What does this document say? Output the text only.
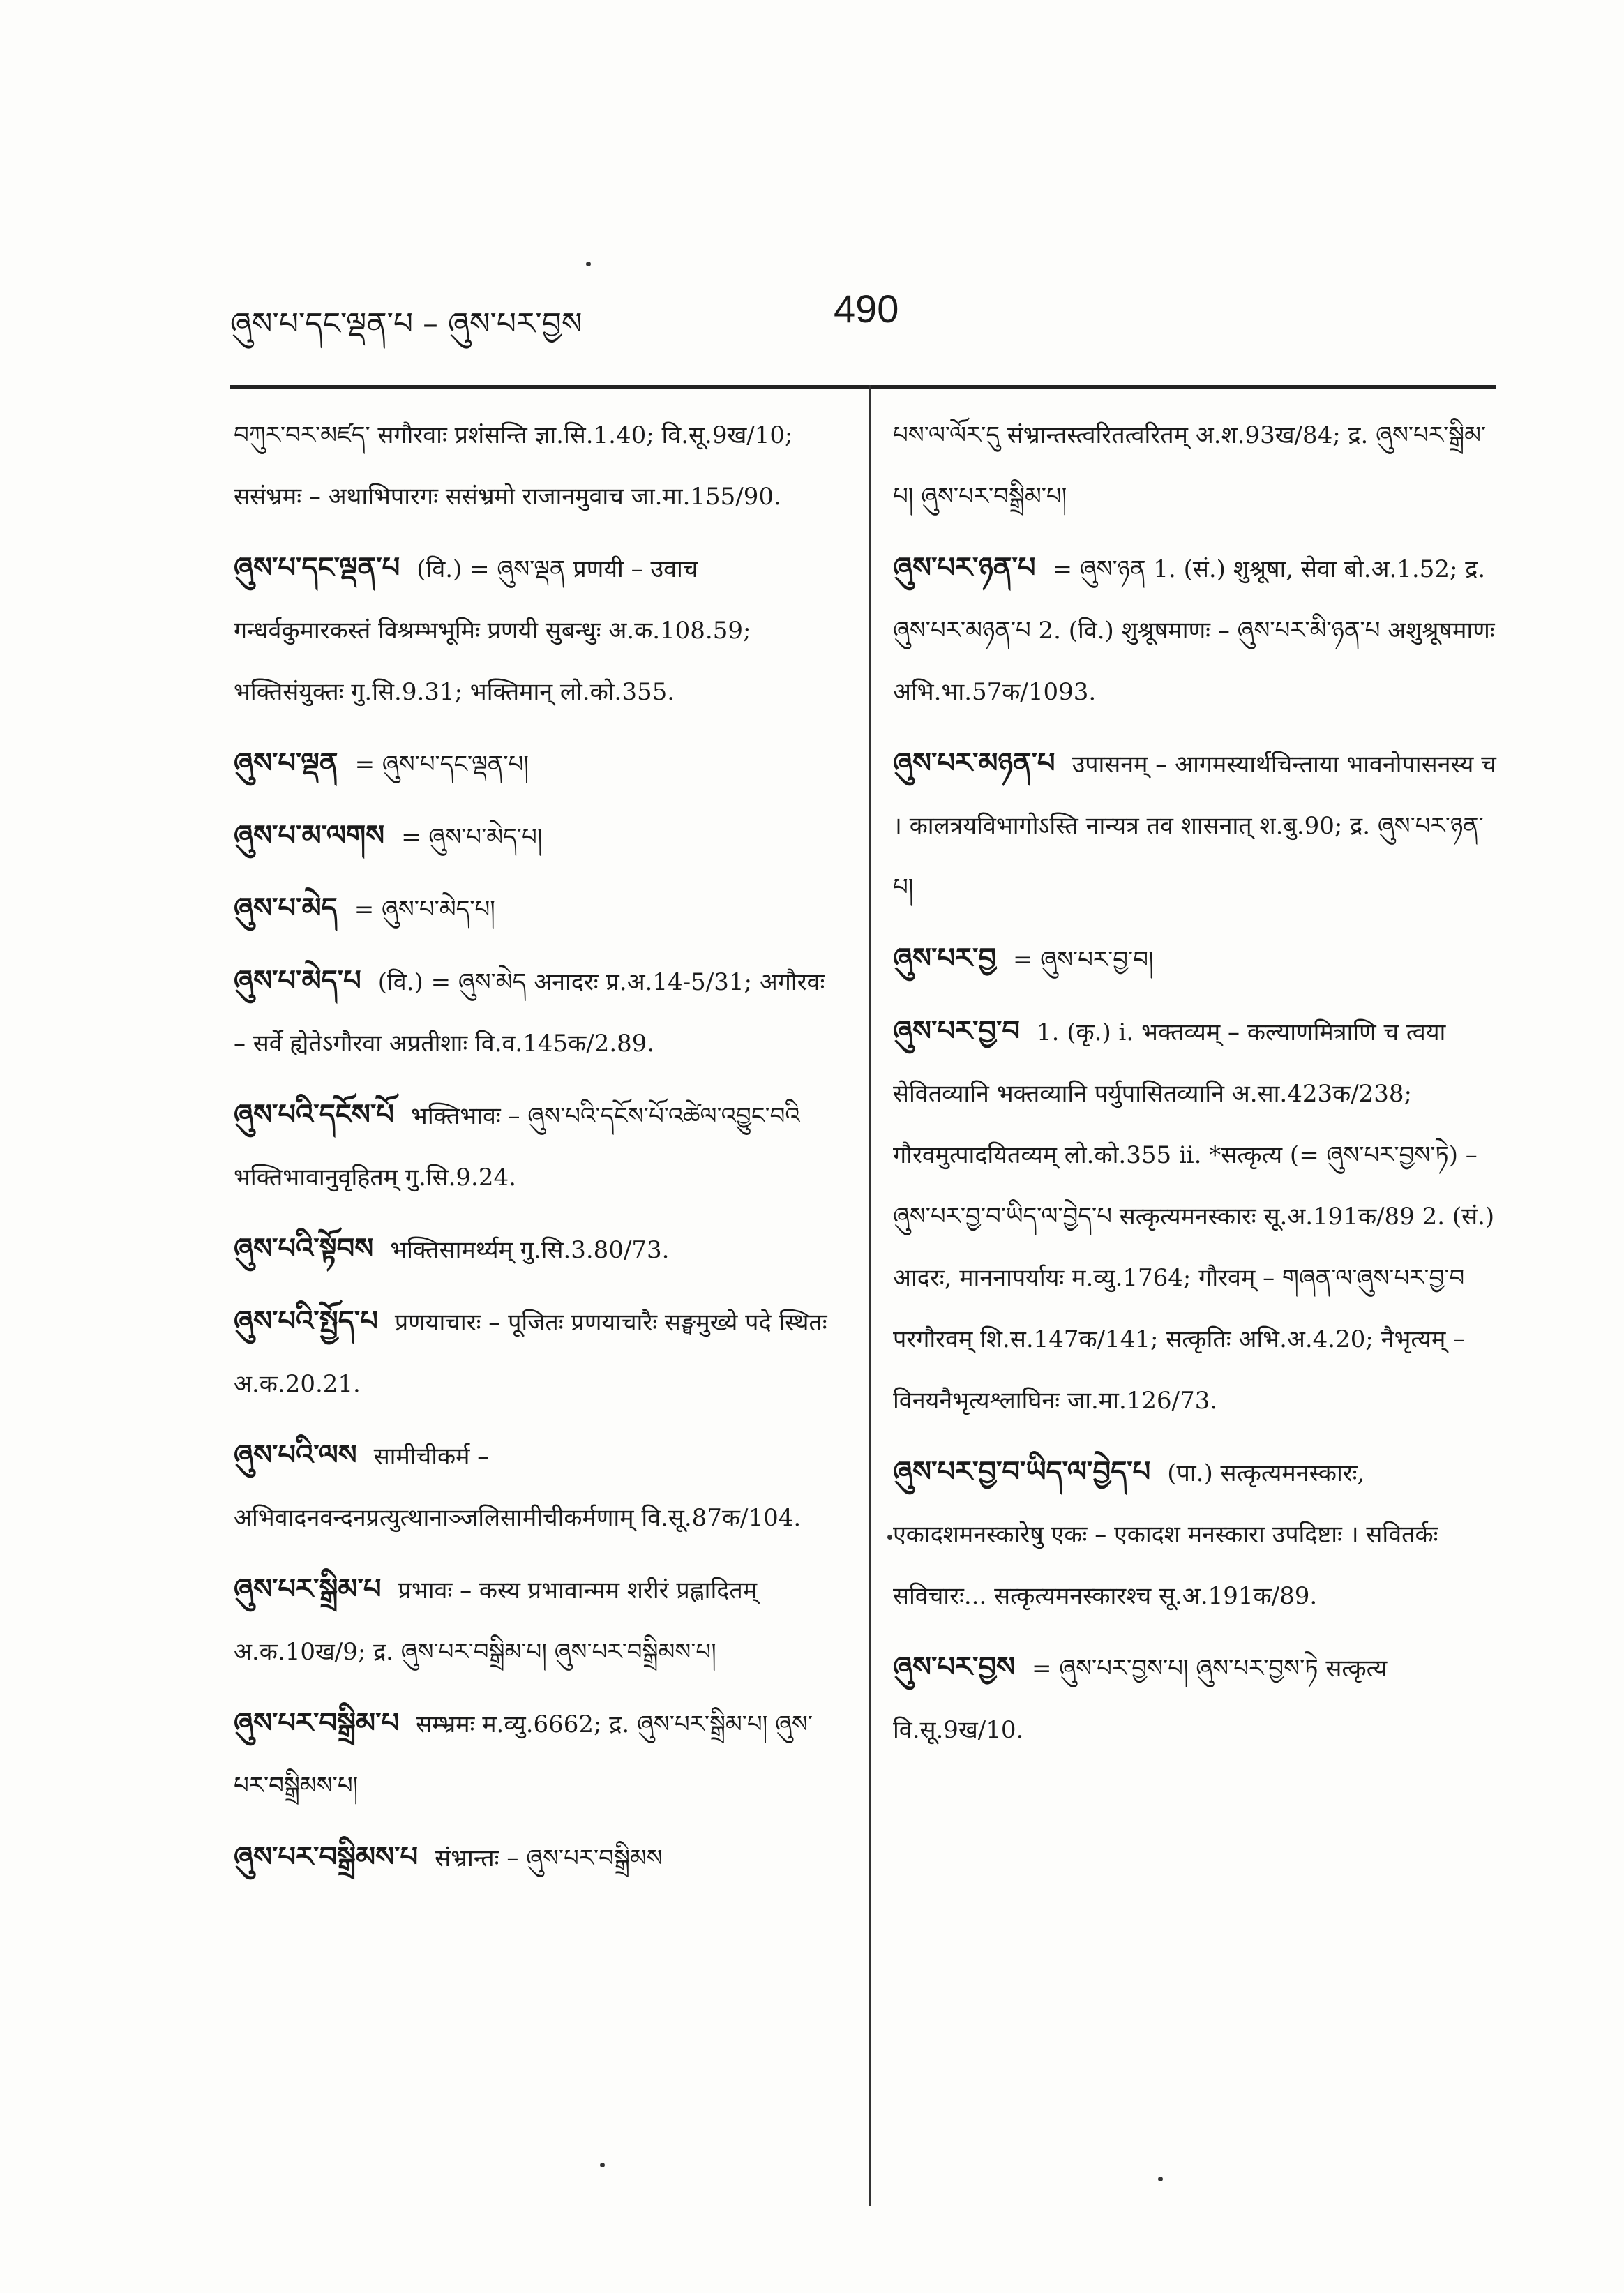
ཞུས་པ་དང་ལྡན་པ – ཞུས་པར་བྱས	490
བཀུར་བར་མཛད་ सगौरवाः प्रशंसन्ति ज्ञा.सि.1.40; वि.सू.9ख/10; ससंभ्रमः – अथाभिपारगः ससंभ्रमो राजानमुवाच जा.मा.155/90.
ཞུས་པ་དང་ལྡན་པ (वि.) = ཞུས་ལྡན प्रणयी – उवाच गन्धर्वकुमारकस्तं विश्रम्भभूमिः प्रणयी सुबन्धुः अ.क.108.59; भक्तिसंयुक्तः गु.सि.9.31; भक्तिमान् लो.को.355.
ཞུས་པ་ལྡན = ཞུས་པ་དང་ལྡན་པ།
ཞུས་པ་མ་ལགས = ཞུས་པ་མེད་པ།
ཞུས་པ་མེད = ཞུས་པ་མེད་པ།
ཞུས་པ་མེད་པ (वि.) = ཞུས་མེད अनादरः प्र.अ.14-5/31; अगौरवः – सर्वे ह्येतेऽगौरवा अप्रतीशाः वि.व.145क/2.89.
ཞུས་པའི་དངོས་པོ भक्तिभावः – ཞུས་པའི་དངོས་པོ་འཚེལ་འབྱུང་བའི भक्तिभावानुवृहितम् गु.सि.9.24.
ཞུས་པའི་སྟོབས भक्तिसामर्थ्यम् गु.सि.3.80/73.
ཞུས་པའི་སྤྱོད་པ प्रणयाचारः – पूजितः प्रणयाचारैः सङ्घमुख्ये पदे स्थितः अ.क.20.21.
ཞུས་པའི་ལས सामीचीकर्म – अभिवादनवन्दनप्रत्युत्थानाञ्जलिसामीचीकर्मणाम् वि.सू.87क/104.
ཞུས་པར་སྒྲིམ་པ प्रभावः – कस्य प्रभावान्मम शरीरं प्रह्लादितम् अ.क.10ख/9; द्र. ཞུས་པར་བསྒྲིམ་པ། ཞུས་པར་བསྒྲིམས་པ།
ཞུས་པར་བསྒྲིམ་པ सम्भ्रमः म.व्यु.6662; द्र. ཞུས་པར་སྒྲིམ་པ། ཞུས་པར་བསྒྲིམས་པ།
ཞུས་པར་བསྒྲིམས་པ संभ्रान्तः – ཞུས་པར་བསྒྲིམས
པས་ལ་ལོར་དུ संभ्रान्तस्त्वरितत्वरितम् अ.श.93ख/84; द्र. ཞུས་པར་སྒྲིམ་པ། ཞུས་པར་བསྒྲིམ་པ།
ཞུས་པར་ཉན་པ = ཞུས་ཉན 1. (सं.) शुश्रूषा, सेवा बो.अ.1.52; द्र. ཞུས་པར་མཉན་པ 2. (वि.) शुश्रूषमाणः – ཞུས་པར་མི་ཉན་པ अशुश्रूषमाणः अभि.भा.57क/1093.
ཞུས་པར་མཉན་པ उपासनम् – आगमस्यार्थचिन्ताया भावनोपासनस्य च । कालत्रयविभागोऽस्ति नान्यत्र तव शासनात् श.बु.90; द्र. ཞུས་པར་ཉན་པ།
ཞུས་པར་བྱ = ཞུས་པར་བྱ་བ།
ཞུས་པར་བྱ་བ 1. (कृ.) i. भक्तव्यम् – कल्याणमित्राणि च त्वया सेवितव्यानि भक्तव्यानि पर्युपासितव्यानि अ.सा.423क/238; गौरवमुत्पादयितव्यम् लो.को.355 ii. *सत्कृत्य (= ཞུས་པར་བྱས་ཏེ) – ཞུས་པར་བྱ་བ་ཡིད་ལ་བྱེད་པ सत्कृत्यमनस्कारः सू.अ.191क/89 2. (सं.) आदरः, माननापर्यायः म.व्यु.1764; गौरवम् – གཞན་ལ་ཞུས་པར་བྱ་བ परगौरवम् शि.स.147क/141; सत्कृतिः अभि.अ.4.20; नैभृत्यम् – विनयनैभृत्यश्लाघिनः जा.मा.126/73.
ཞུས་པར་བྱ་བ་ཡིད་ལ་བྱེད་པ (पा.) सत्कृत्यमनस्कारः, एकादशमनस्कारेषु एकः – एकादश मनस्कारा उपदिष्टाः । सवितर्कः सविचारः... सत्कृत्यमनस्कारश्च सू.अ.191क/89.
ཞུས་པར་བྱས = ཞུས་པར་བྱས་པ། ཞུས་པར་བྱས་ཏེ सत्कृत्य वि.सू.9ख/10.
